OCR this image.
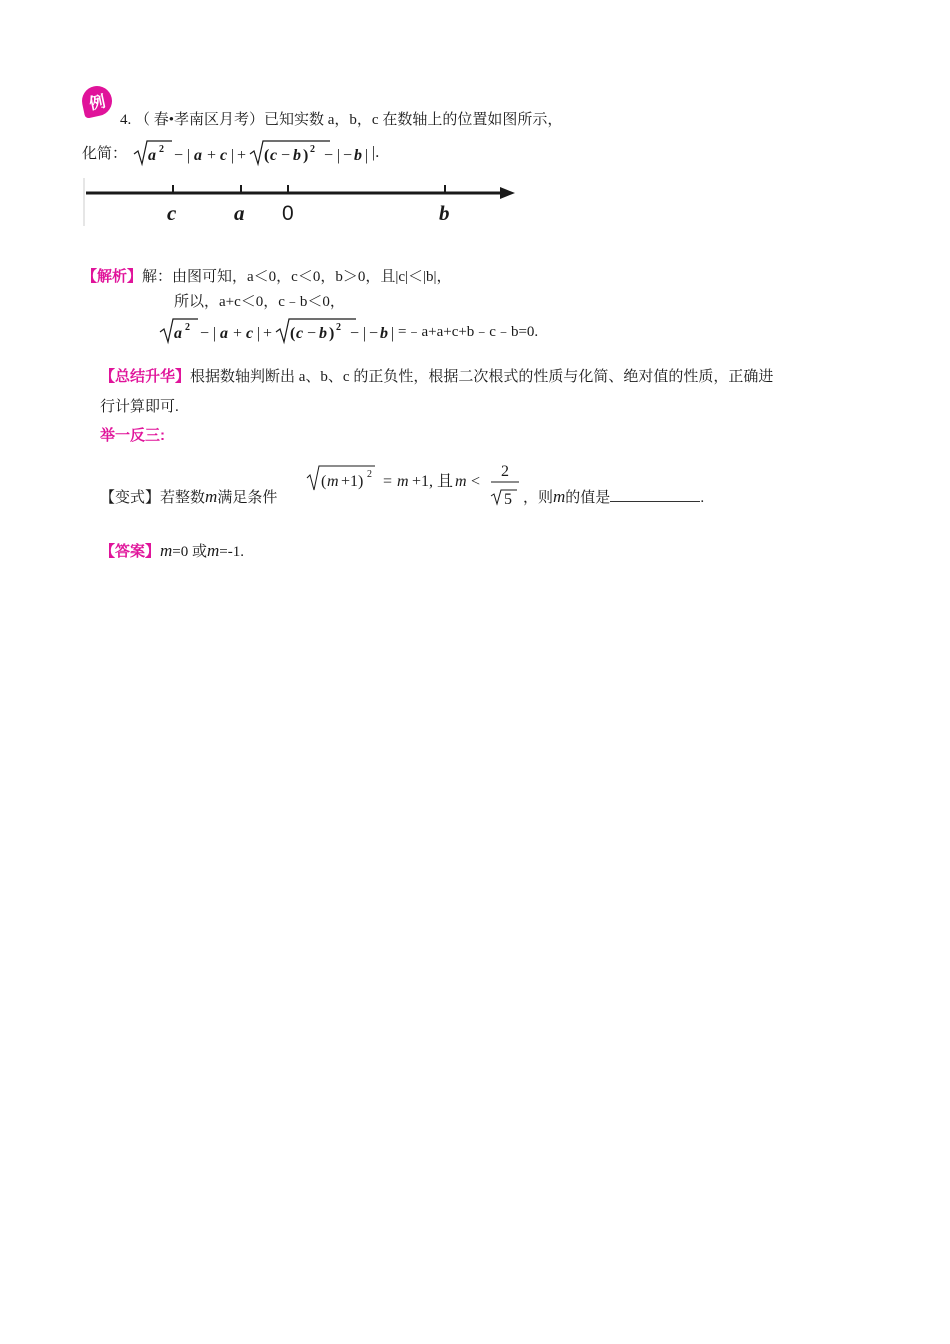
例
4. （ 春•孝南区月考）已知实数 a，b，c 在数轴上的位置如图所示，
化简： a 2 − | a + c | + ( c − b ) 2 − | − b | |.
c	a 0	b
【解析】解：由图可知，a＜0，c＜0，b＞0，且|c|＜|b|，
所以，a+c＜0，c﹣b＜0，
a 2 − | a + c | + ( c − b ) 2 − | − b | =﹣a+a+c+b﹣c﹣b=0.
【总结升华】根据数轴判断出 a、b、c 的正负性，根据二次根式的性质与化简、绝对值的性质，正确进
行计算即可.
举一反三:
【变式】若整数m满足条件
( m +1) 2 = m +1, 且 m <
2
5 ，则m的值是	.
【答案】m=0 或m=-1.
